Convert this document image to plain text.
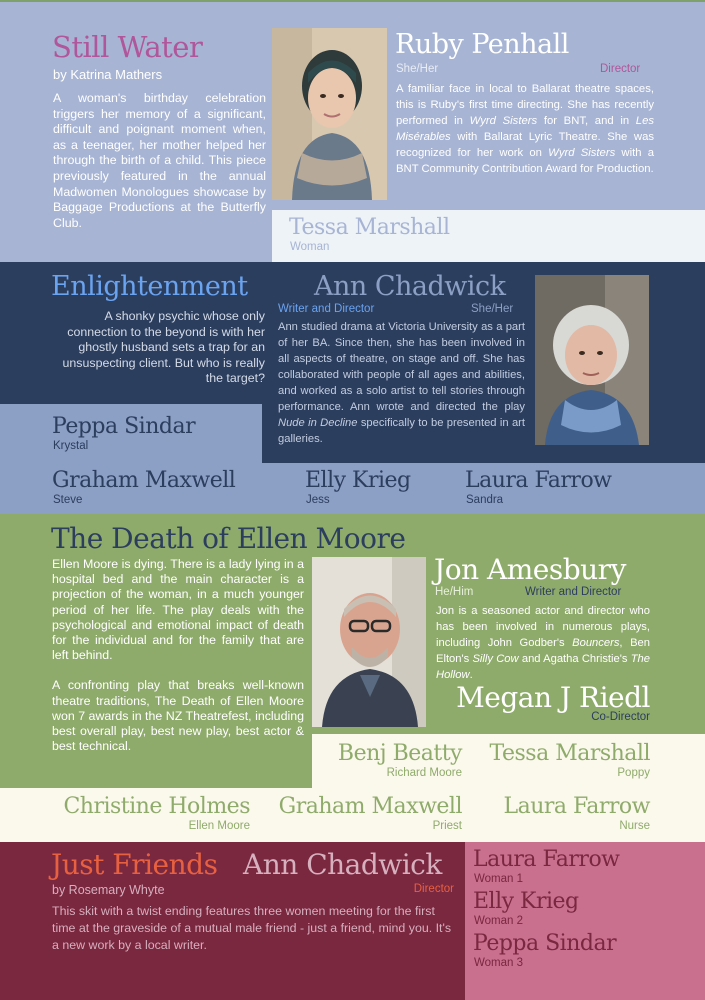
Still Water
by Katrina Mathers
A woman's birthday celebration triggers her memory of a significant, difficult and poignant moment when, as a teenager, her mother helped her through the birth of a child. This piece previously featured in the annual Madwomen Monologues showcase by Baggage Productions at the Butterfly Club.
Ruby Penhall
She/Her	Director
A familiar face in local to Ballarat theatre spaces, this is Ruby's first time directing. She has recently performed in Wyrd Sisters for BNT, and in Les Misérables with Ballarat Lyric Theatre. She was recognized for her work on Wyrd Sisters with a BNT Community Contribution Award for Production.
Tessa Marshall
Woman
Enlightenment
A shonky psychic whose only connection to the beyond is with her ghostly husband sets a trap for an unsuspecting client. But who is really the target?
Ann Chadwick
Writer and Director	She/Her
Ann studied drama at Victoria University as a part of her BA. Since then, she has been involved in all aspects of theatre, on stage and off. She has collaborated with people of all ages and abilities, and worked as a solo artist to tell stories through performance. Ann wrote and directed the play Nude in Decline specifically to be presented in art galleries.
Peppa Sindar
Krystal
Graham Maxwell
Steve
Elly Krieg
Jess
Laura Farrow
Sandra
The Death of Ellen Moore
Ellen Moore is dying. There is a lady lying in a hospital bed and the main character is a projection of the woman, in a much younger period of her life. The play deals with the psychological and emotional impact of death for the individual and for the family that are left behind.
A confronting play that breaks well-known theatre traditions, The Death of Ellen Moore won 7 awards in the NZ Theatrefest, including best overall play, best new play, best actor & best technical.
Jon Amesbury
He/Him	Writer and Director
Jon is a seasoned actor and director who has been involved in numerous plays, including John Godber's Bouncers, Ben Elton's Silly Cow and Agatha Christie's The Hollow.
Megan J Riedl
Co-Director
Benj Beatty
Richard Moore
Tessa Marshall
Poppy
Christine Holmes
Ellen Moore
Graham Maxwell
Priest
Laura Farrow
Nurse
Just Friends Ann Chadwick
by Rosemary Whyte	Director
This skit with a twist ending features three women meeting for the first time at the graveside of a mutual male friend - just a friend, mind you. It's a new work by a local writer.
Laura Farrow
Woman 1
Elly Krieg
Woman 2
Peppa Sindar
Woman 3
